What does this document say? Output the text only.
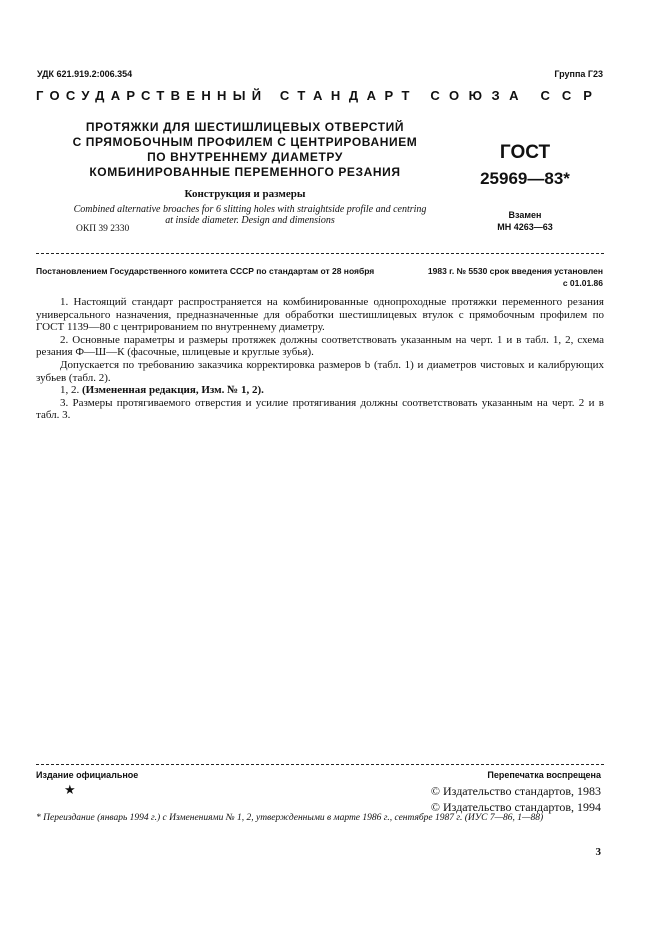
УДК 621.919.2:006.354	Группа Г23
ГОСУДАРСТВЕННЫЙ СТАНДАРТ СОЮЗА ССР
ПРОТЯЖКИ ДЛЯ ШЕСТИШЛИЦЕВЫХ ОТВЕРСТИЙ
С ПРЯМОБОЧНЫМ ПРОФИЛЕМ С ЦЕНТРИРОВАНИЕМ
ПО ВНУТРЕННЕМУ ДИАМЕТРУ
КОМБИНИРОВАННЫЕ ПЕРЕМЕННОГО РЕЗАНИЯ
Конструкция и размеры
Combined alternative broaches for 6 slitting holes with straightside profile and centring at inside diameter. Design and dimensions
ОКП 39 2330
ГОСТ
25969—83*
Взамен
МН 4263—63
Постановлением Государственного комитета СССР по стандартам от 28 ноября	1983 г. № 5530 срок введения установлен
с 01.01.86

1. Настоящий стандарт распространяется на комбинированные однопроходные протяжки переменного резания универсального назначения, предназначенные для обработки шестишлицевых втулок с прямобочным профилем по ГОСТ 1139—80 с центрированием по внутреннему диаметру.

2. Основные параметры и размеры протяжек должны соответствовать указанным на черт. 1 и в табл. 1, 2, схема резания Ф—Ш—К (фасочные, шлицевые и круглые зубья).

Допускается по требованию заказчика корректировка размеров b (табл. 1) и диаметров чистовых и калибрующих зубьев (табл. 2).

1, 2. (Измененная редакция, Изм. № 1, 2).

3. Размеры протягиваемого отверстия и усилие протягивания должны соответствовать указанным на черт. 2 и в табл. 3.

Издание официальное
★
Перепечатка воспрещена
© Издательство стандартов, 1983
© Издательство стандартов, 1994
* Переиздание (январь 1994 г.) с Изменениями № 1, 2, утвержденными в марте 1986 г., сентябре 1987 г. (ИУС 7—86, 1—88)
3
